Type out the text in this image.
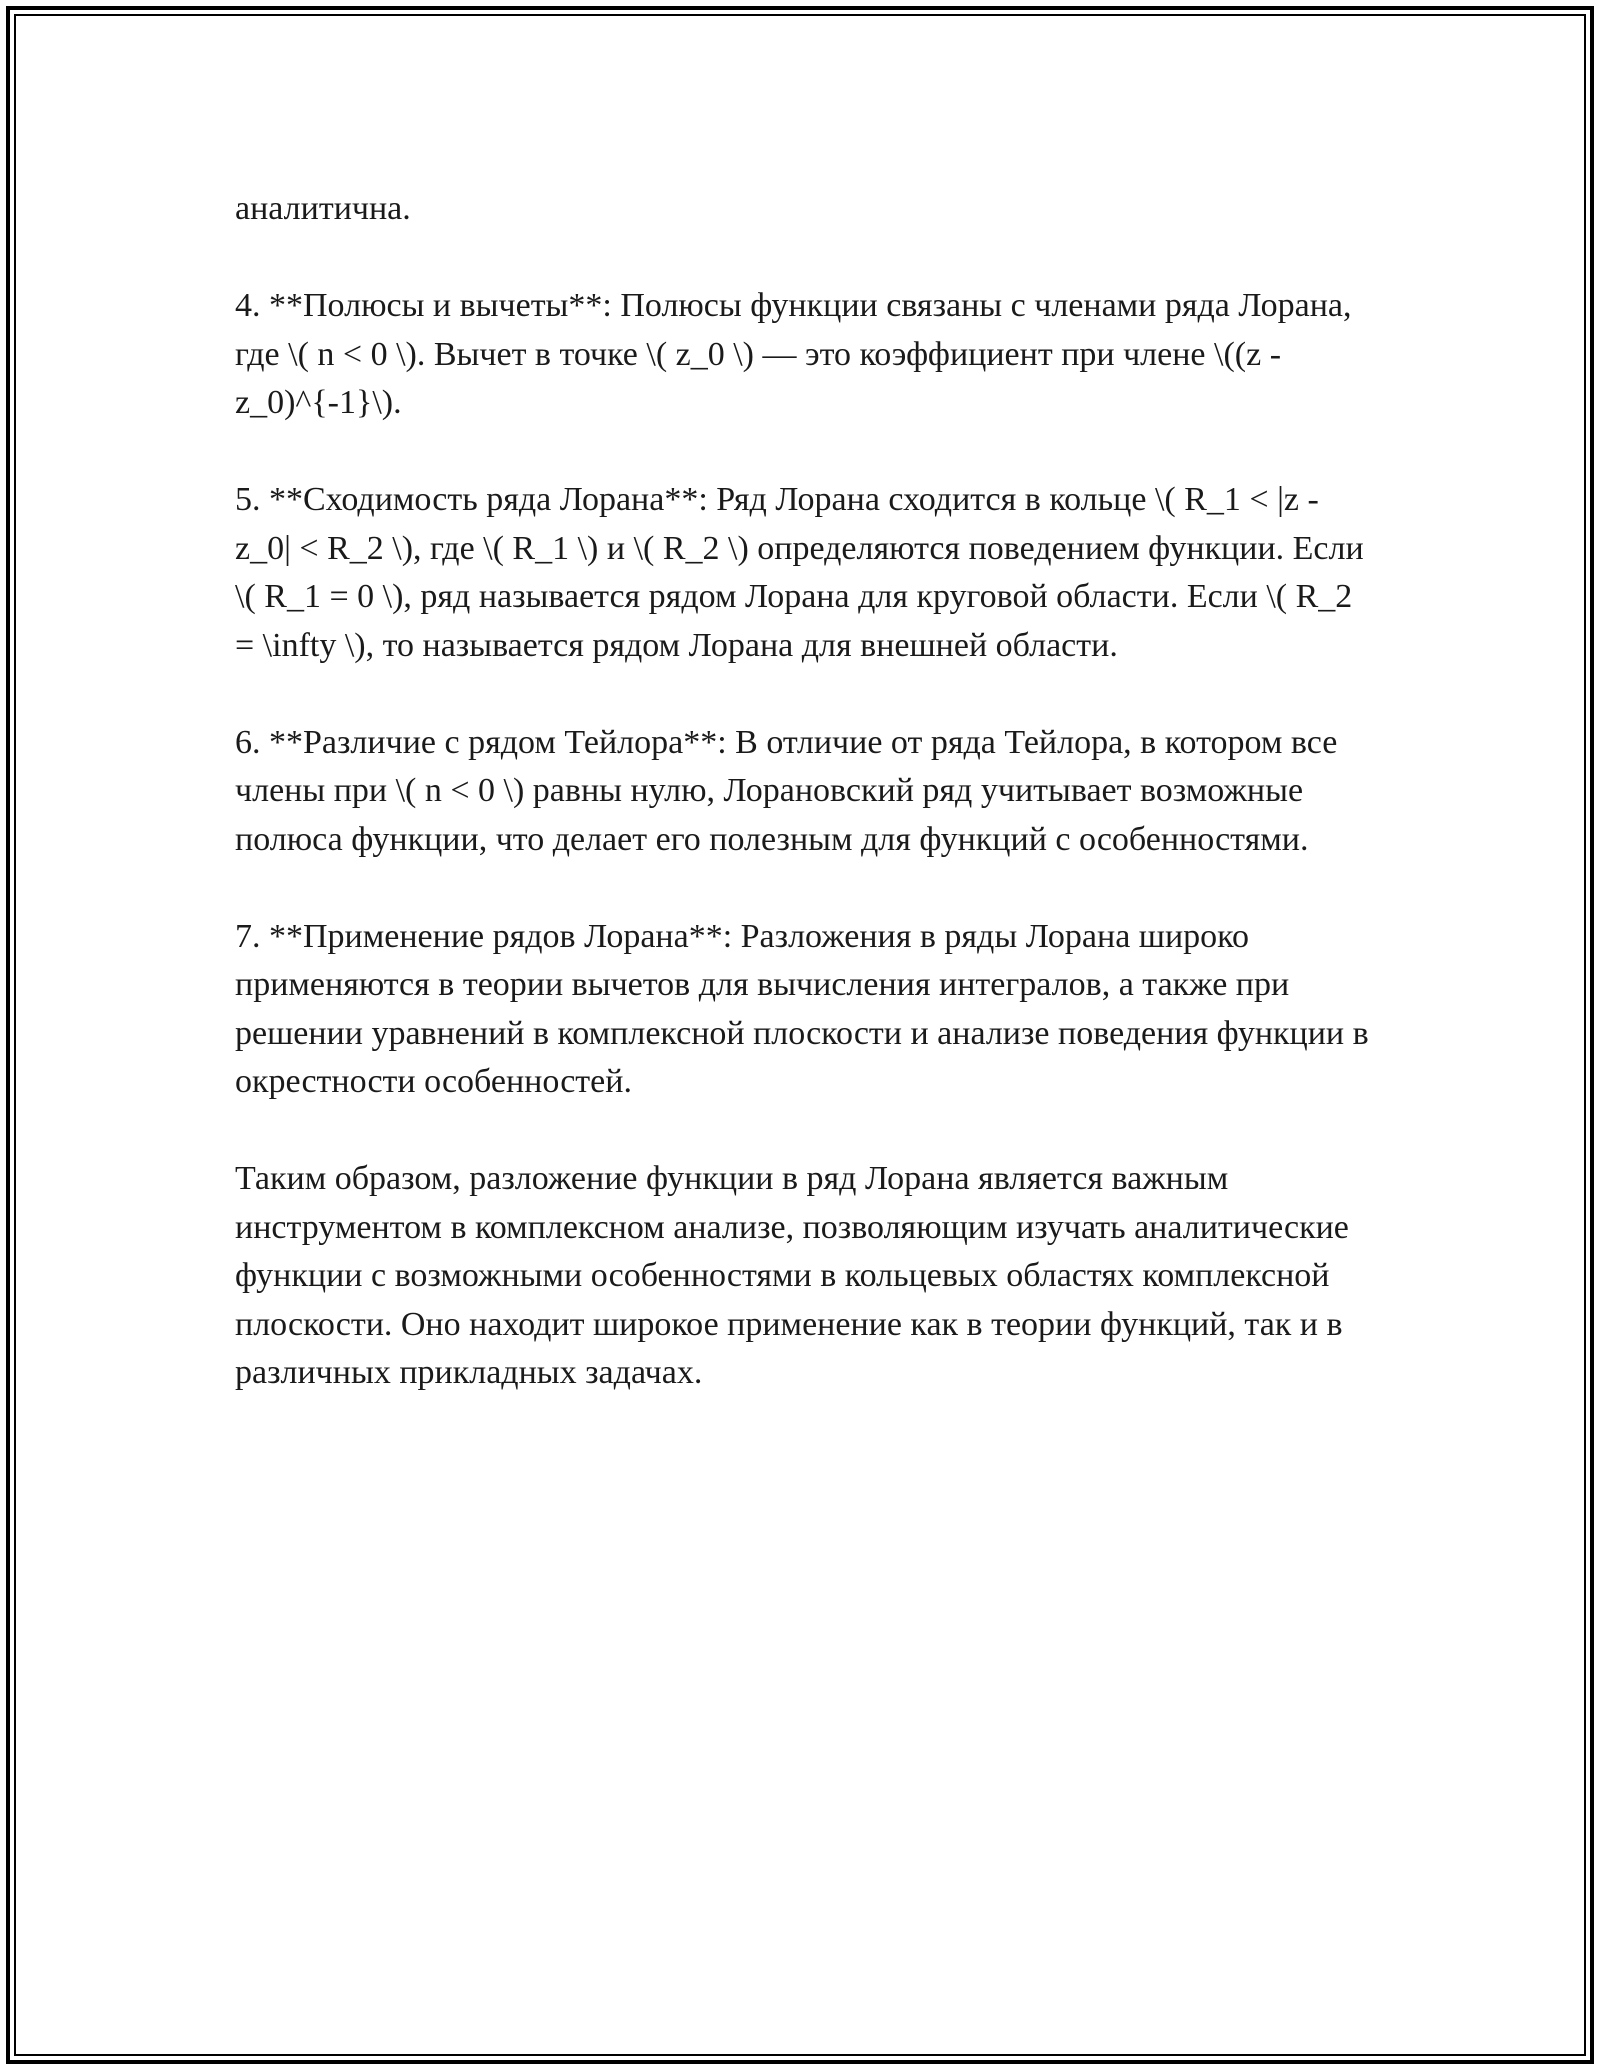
аналитична.

4. **Полюсы и вычеты**: Полюсы функции связаны с членами ряда Лорана, где \( n < 0 \). Вычет в точке \( z_0 \) — это коэффициент при члене \((z - z_0)^{-1}\).

5. **Сходимость ряда Лорана**: Ряд Лорана сходится в кольце \( R_1 < |z - z_0| < R_2 \), где \( R_1 \) и \( R_2 \) определяются поведением функции. Если \( R_1 = 0 \), ряд называется рядом Лорана для круговой области. Если \( R_2 = \infty \), то называется рядом Лорана для внешней области.

6. **Различие с рядом Тейлора**: В отличие от ряда Тейлора, в котором все члены при \( n < 0 \) равны нулю, Лорановский ряд учитывает возможные полюса функции, что делает его полезным для функций с особенностями.

7. **Применение рядов Лорана**: Разложения в ряды Лорана широко применяются в теории вычетов для вычисления интегралов, а также при решении уравнений в комплексной плоскости и анализе поведения функции в окрестности особенностей.

Таким образом, разложение функции в ряд Лорана является важным инструментом в комплексном анализе, позволяющим изучать аналитические функции с возможными особенностями в кольцевых областях комплексной плоскости. Оно находит широкое применение как в теории функций, так и в различных прикладных задачах.
